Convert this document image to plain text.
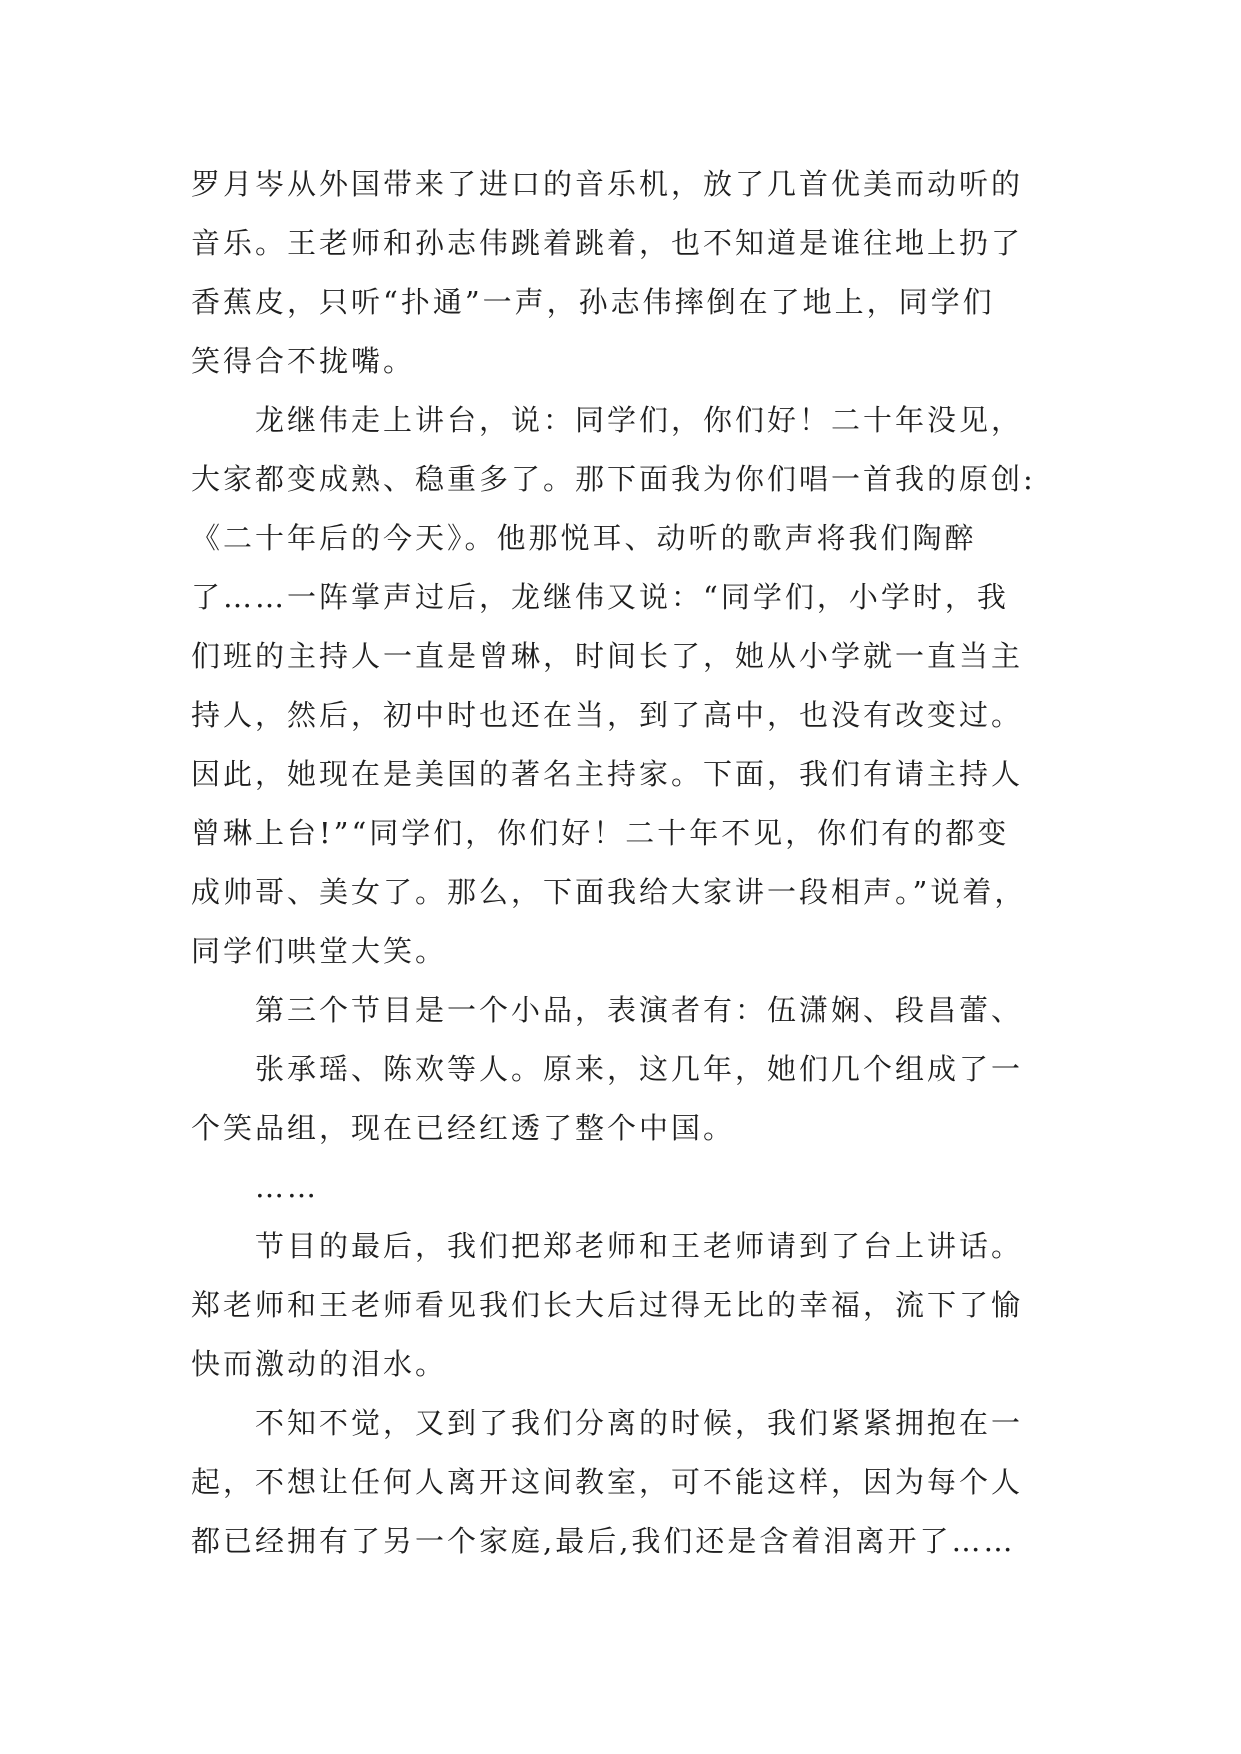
罗月岑从外国带来了进口的音乐机，放了几首优美而动听的
音乐。王老师和孙志伟跳着跳着，也不知道是谁往地上扔了
香蕉皮，只听“扑通”一声，孙志伟摔倒在了地上，同学们
笑得合不拢嘴。
龙继伟走上讲台，说：同学们，你们好！二十年没见，
大家都变成熟、稳重多了。那下面我为你们唱一首我的原创:
《二十年后的今天》。他那悦耳、动听的歌声将我们陶醉
了……一阵掌声过后，龙继伟又说：“同学们，小学时，我
们班的主持人一直是曾琳，时间长了，她从小学就一直当主
持人，然后，初中时也还在当，到了高中，也没有改变过。
因此，她现在是美国的著名主持家。下面，我们有请主持人
曾琳上台!”“同学们，你们好！二十年不见，你们有的都变
成帅哥、美女了。那么，下面我给大家讲一段相声。”说着，
同学们哄堂大笑。
第三个节目是一个小品，表演者有：伍潇娴、段昌蕾、
张承瑶、陈欢等人。原来，这几年，她们几个组成了一
个笑品组，现在已经红透了整个中国。
……
节目的最后，我们把郑老师和王老师请到了台上讲话。
郑老师和王老师看见我们长大后过得无比的幸福，流下了愉
快而激动的泪水。
不知不觉，又到了我们分离的时候，我们紧紧拥抱在一
起，不想让任何人离开这间教室，可不能这样，因为每个人
都已经拥有了另一个家庭,最后,我们还是含着泪离开了……
